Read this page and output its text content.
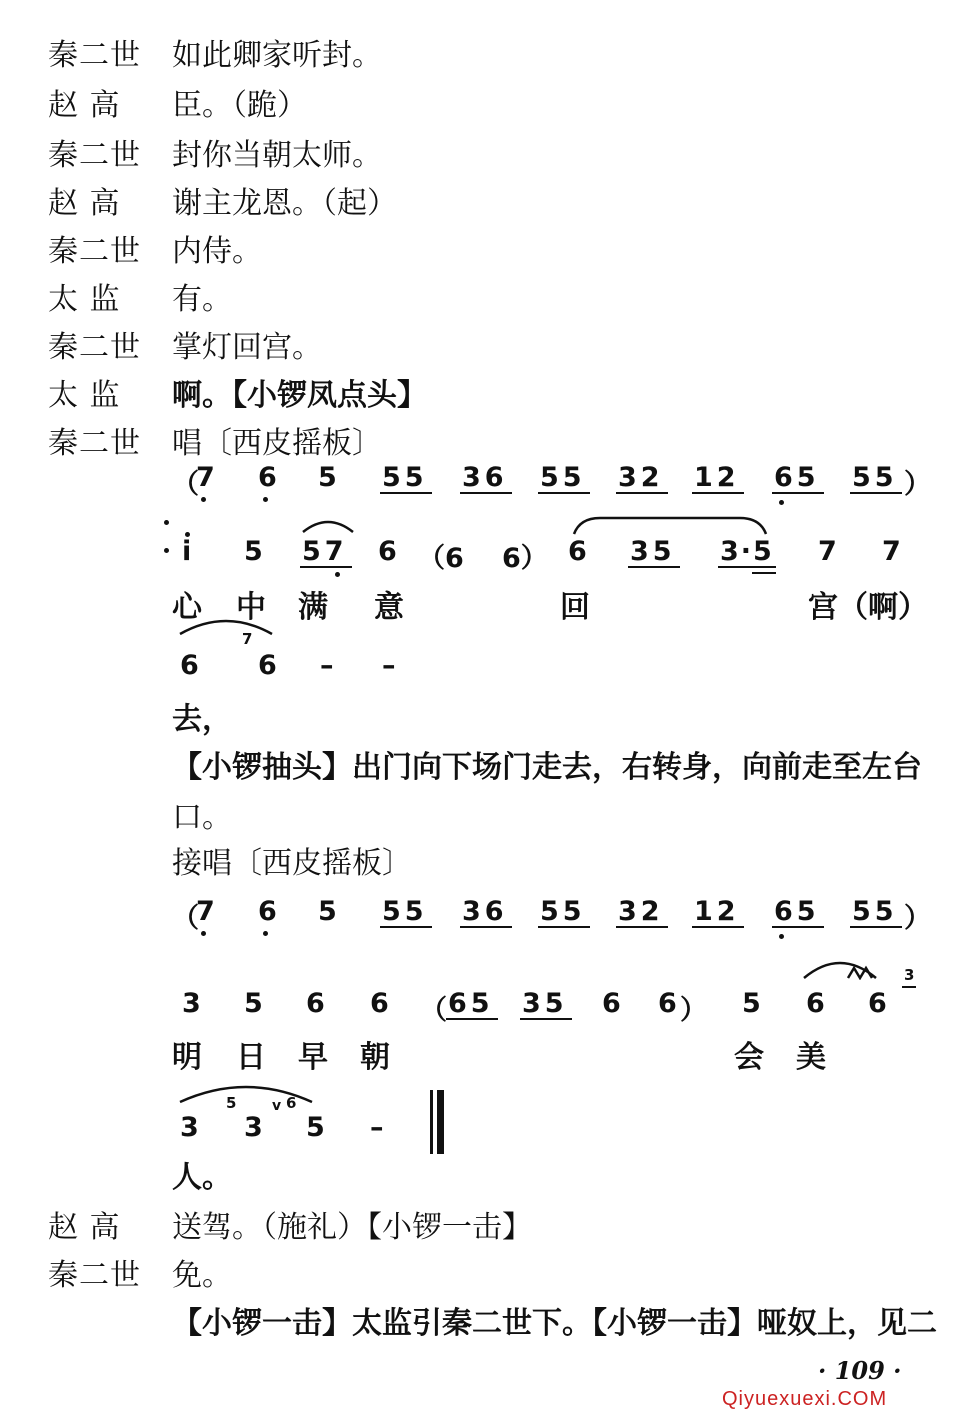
秦二世 如此卿家听封。
赵 高 臣。（跪）
秦二世 封你当朝太师。
赵 高 谢主龙恩。（起）
秦二世 内侍。
太 监 有。
秦二世 掌灯回宫。
太 监 啊。【小锣凤点头】
秦二世 唱〔西皮摇板〕
（
7 6 5 55 36 55 32 12 65 55 ）
i 5 57 6 （6 6） 6 35 3·5 7 7
心 中 满 意	回	宫（啊）
6
7
6 – –
去，
【小锣抽头】出门向下场门走去，右转身，向前走至左台
口。
接唱〔西皮摇板〕
（
7 6 5 55 36 55 32 12 65 55 ）
3 5 6 6 （ 65 35 6 6 ） 5 6 6
3
明 日 早 朝	会 美
3
5
3
v 6
5 –
人。
赵 高 送驾。（施礼）【小锣一击】
秦二世 免。
【小锣一击】太监引秦二世下。【小锣一击】哑奴上，见二
· 109 ·
Qiyuexuexi.COM
